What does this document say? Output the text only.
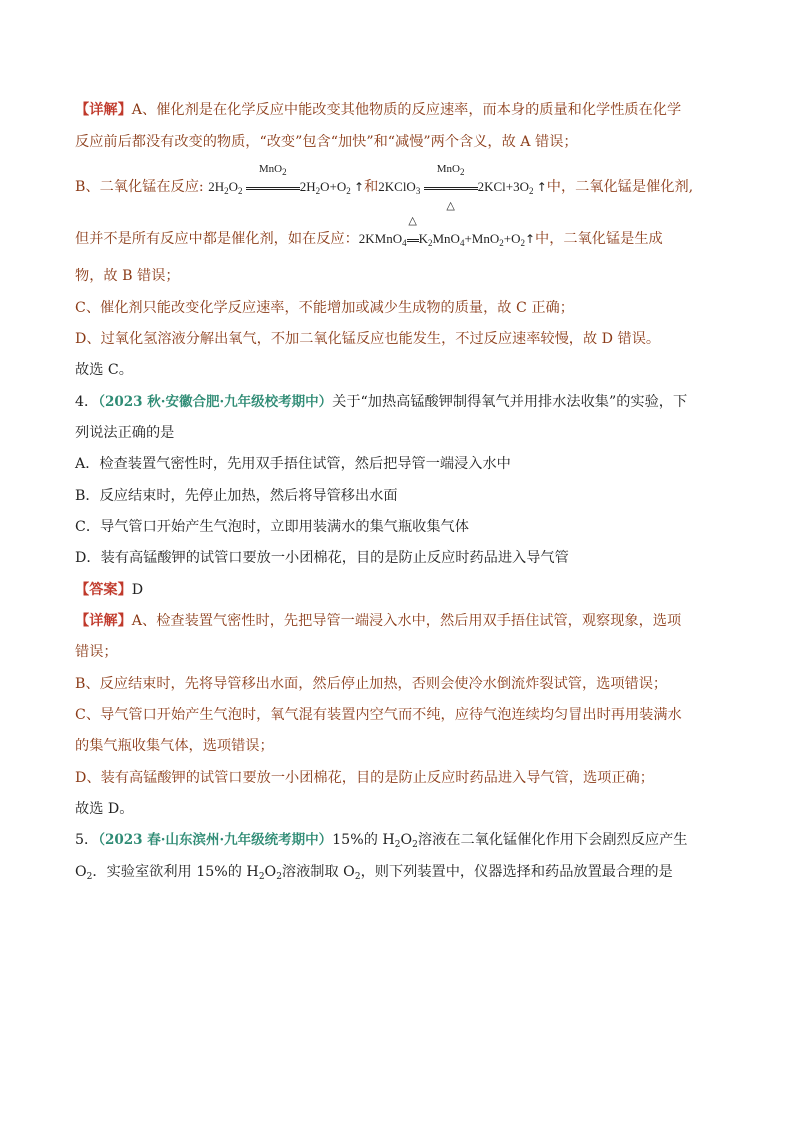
【详解】A、催化剂是在化学反应中能改变其他物质的反应速率，而本身的质量和化学性质在化学
反应前后都没有改变的物质，“改变”包含“加快”和“减慢”两个含义，故 A 错误；
B、二氧化锰在反应: $2H_2O_2$
MnO$_2$
$2H_2O+O_2$ ↑和2KClO$_3$
MnO$_2$
△
$2KCl+3O_2$ ↑中，二氧化锰是催化剂,
但并不是所有反应中都是催化剂，如在反应：2KMnO$_4$
△
$K_2MnO_4+MnO_2+O_2↑$中，二氧化锰是生成
物，故 B 错误；
C、催化剂只能改变化学反应速率，不能增加或减少生成物的质量，故 C 正确；
D、过氧化氢溶液分解出氧气，不加二氧化锰反应也能发生，不过反应速率较慢，故 D 错误。
故选 C。
4．（2023 秋·安徽合肥·九年级校考期中）关于“加热高锰酸钾制得氧气并用排水法收集”的实验，下
列说法正确的是
A．检查装置气密性时，先用双手捂住试管，然后把导管一端浸入水中
B．反应结束时，先停止加热，然后将导管移出水面
C．导气管口开始产生气泡时，立即用装满水的集气瓶收集气体
D．装有高锰酸钾的试管口要放一小团棉花，目的是防止反应时药品进入导气管
【答案】D
【详解】A、检查装置气密性时，先把导管一端浸入水中，然后用双手捂住试管，观察现象，选项
错误；
B、反应结束时，先将导管移出水面，然后停止加热，否则会使冷水倒流炸裂试管，选项错误；
C、导气管口开始产生气泡时，氧气混有装置内空气而不纯，应待气泡连续均匀冒出时再用装满水
的集气瓶收集气体，选项错误；
D、装有高锰酸钾的试管口要放一小团棉花，目的是防止反应时药品进入导气管，选项正确；
故选 D。
5．（2023 春·山东滨州·九年级统考期中）15%的 $H_2O_2$溶液在二氧化锰催化作用下会剧烈反应产生
$O_2$．实验室欲利用 15%的 $H_2O_2$溶液制取 $O_2$，则下列装置中，仪器选择和药品放置最合理的是
